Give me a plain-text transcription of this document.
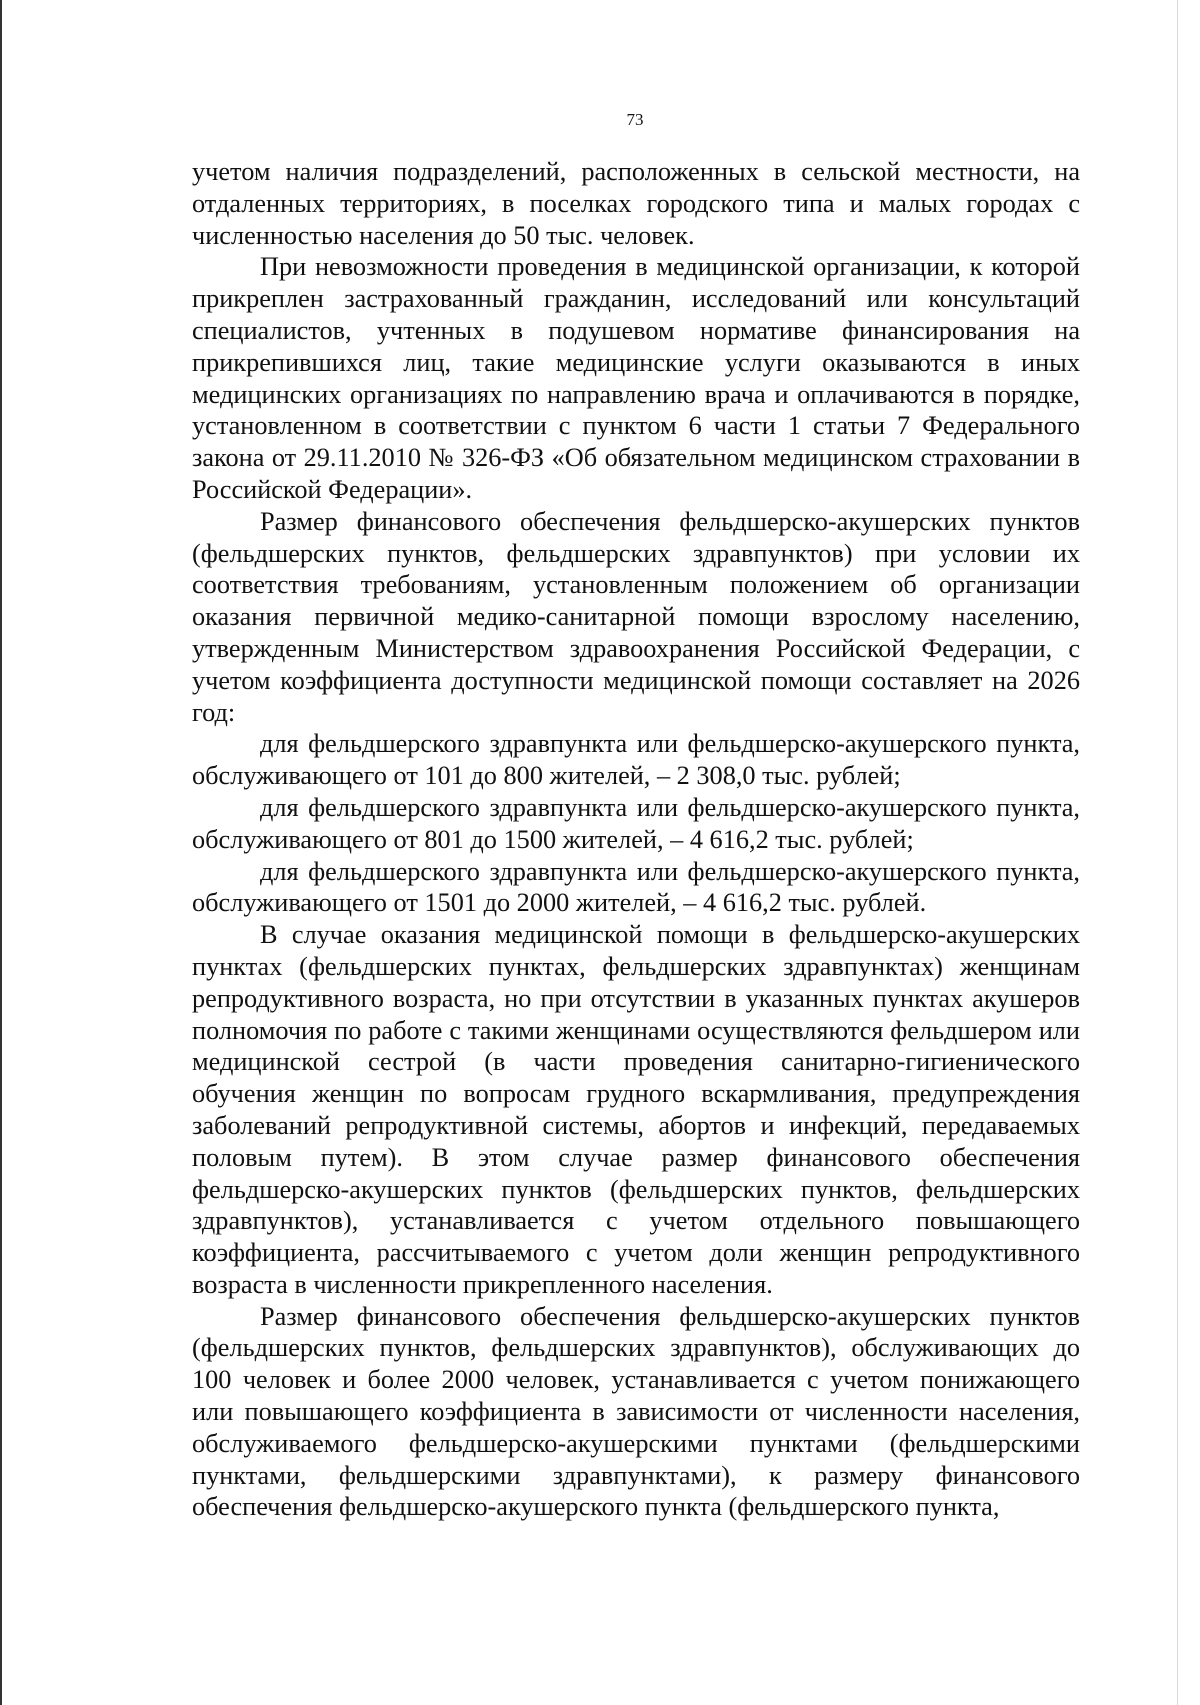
73

учетом наличия подразделений, расположенных в сельской местности, на отдаленных территориях, в поселках городского типа и малых городах с численностью населения до 50 тыс. человек.

При невозможности проведения в медицинской организации, к которой прикреплен застрахованный гражданин, исследований или консультаций специалистов, учтенных в подушевом нормативе финансирования на прикрепившихся лиц, такие медицинские услуги оказываются в иных медицинских организациях по направлению врача и оплачиваются в порядке, установленном в соответствии с пунктом 6 части 1 статьи 7 Федерального закона от 29.11.2010 № 326-ФЗ «Об обязательном медицинском страховании в Российской Федерации».

Размер финансового обеспечения фельдшерско-акушерских пунктов (фельдшерских пунктов, фельдшерских здравпунктов) при условии их соответствия требованиям, установленным положением об организации оказания первичной медико-санитарной помощи взрослому населению, утвержденным Министерством здравоохранения Российской Федерации, с учетом коэффициента доступности медицинской помощи составляет на 2026 год:

для фельдшерского здравпункта или фельдшерско-акушерского пункта, обслуживающего от 101 до 800 жителей, – 2 308,0 тыс. рублей;

для фельдшерского здравпункта или фельдшерско-акушерского пункта, обслуживающего от 801 до 1500 жителей, – 4 616,2 тыс. рублей;

для фельдшерского здравпункта или фельдшерско-акушерского пункта, обслуживающего от 1501 до 2000 жителей, – 4 616,2 тыс. рублей.

В случае оказания медицинской помощи в фельдшерско-акушерских пунктах (фельдшерских пунктах, фельдшерских здравпунктах) женщинам репродуктивного возраста, но при отсутствии в указанных пунктах акушеров полномочия по работе с такими женщинами осуществляются фельдшером или медицинской сестрой (в части проведения санитарно-гигиенического обучения женщин по вопросам грудного вскармливания, предупреждения заболеваний репродуктивной системы, абортов и инфекций, передаваемых половым путем). В этом случае размер финансового обеспечения фельдшерско-акушерских пунктов (фельдшерских пунктов, фельдшерских здравпунктов), устанавливается с учетом отдельного повышающего коэффициента, рассчитываемого с учетом доли женщин репродуктивного возраста в численности прикрепленного населения.

Размер финансового обеспечения фельдшерско-акушерских пунктов (фельдшерских пунктов, фельдшерских здравпунктов), обслуживающих до 100 человек и более 2000 человек, устанавливается с учетом понижающего или повышающего коэффициента в зависимости от численности населения, обслуживаемого фельдшерско-акушерскими пунктами (фельдшерскими пунктами, фельдшерскими здравпунктами), к размеру финансового обеспечения фельдшерско-акушерского пункта (фельдшерского пункта,
